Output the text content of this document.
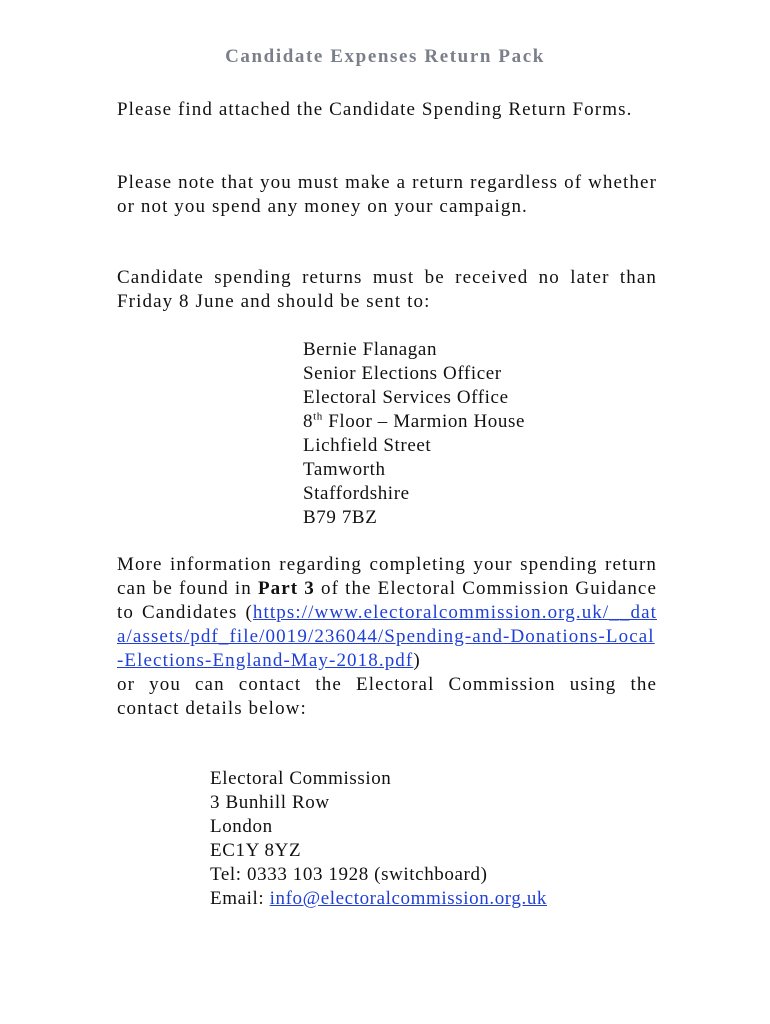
Candidate Expenses Return Pack
Please find attached the Candidate Spending Return Forms.
Please note that you must make a return regardless of whether or not you spend any money on your campaign.
Candidate spending returns must be received no later than Friday 8 June and should be sent to:
Bernie Flanagan
Senior Elections Officer
Electoral Services Office
8th Floor – Marmion House
Lichfield Street
Tamworth
Staffordshire
B79 7BZ
More information regarding completing your spending return can be found in Part 3 of the Electoral Commission Guidance to Candidates (https://www.electoralcommission.org.uk/__data/assets/pdf_file/0019/236044/Spending-and-Donations-Local-Elections-England-May-2018.pdf)
or you can contact the Electoral Commission using the contact details below:
Electoral Commission
3 Bunhill Row
London
EC1Y 8YZ
Tel: 0333 103 1928 (switchboard)
Email: info@electoralcommission.org.uk
